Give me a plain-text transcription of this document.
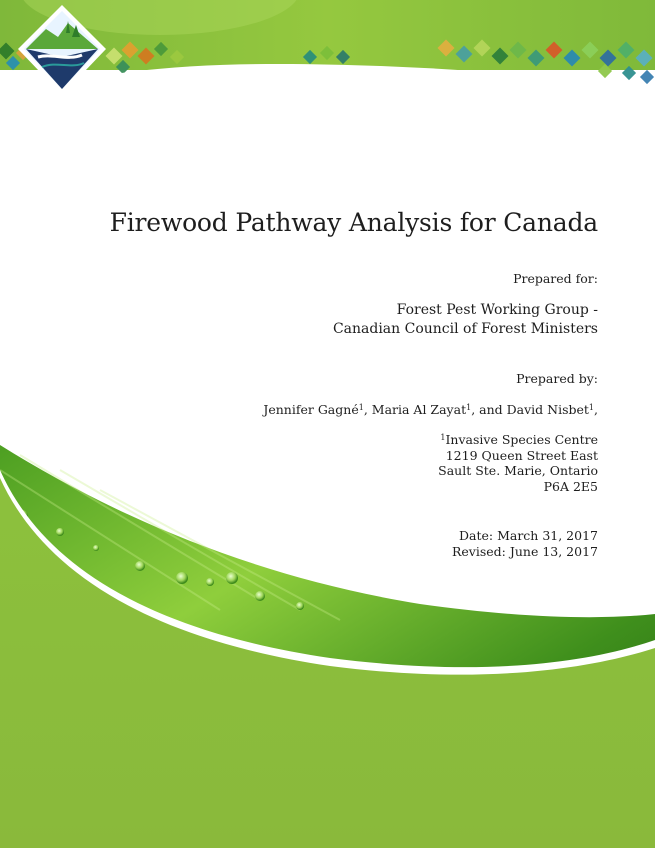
Firewood Pathway Analysis for Canada
Prepared for:
Forest Pest Working Group -
Canadian Council of Forest Ministers
Prepared by:
Jennifer Gagné$^1$, Maria Al Zayat$^1$, and David Nisbet$^1$,
$^1$Invasive Species Centre
1219 Queen Street East
Sault Ste. Marie, Ontario
P6A 2E5
Date: March 31, 2017
Revised: June 13, 2017
